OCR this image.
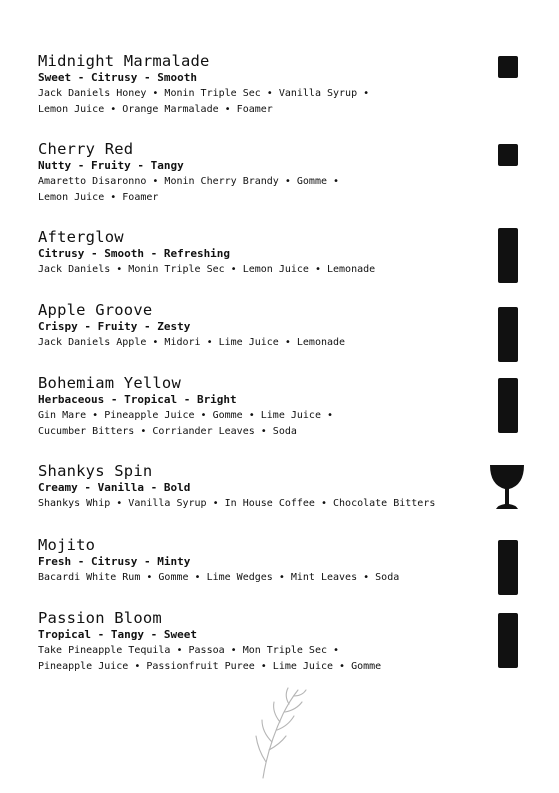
Midnight Marmalade
Sweet - Citrusy - Smooth
Jack Daniels Honey • Monin Triple Sec • Vanilla Syrup •
Lemon Juice • Orange Marmalade • Foamer
Cherry Red
Nutty - Fruity - Tangy
Amaretto Disaronno • Monin Cherry Brandy • Gomme •
Lemon Juice • Foamer
Afterglow
Citrusy - Smooth - Refreshing
Jack Daniels • Monin Triple Sec • Lemon Juice • Lemonade
Apple Groove
Crispy - Fruity - Zesty
Jack Daniels Apple • Midori • Lime Juice • Lemonade
Bohemiam Yellow
Herbaceous - Tropical - Bright
Gin Mare • Pineapple Juice • Gomme • Lime Juice •
Cucumber Bitters • Corriander Leaves • Soda
Shankys Spin
Creamy - Vanilla - Bold
Shankys Whip • Vanilla Syrup • In House Coffee • Chocolate Bitters
Mojito
Fresh - Citrusy - Minty
Bacardi White Rum • Gomme • Lime Wedges • Mint Leaves • Soda
Passion Bloom
Tropical - Tangy - Sweet
Take Pineapple Tequila • Passoa • Mon Triple Sec •
Pineapple Juice • Passionfruit Puree • Lime Juice • Gomme
